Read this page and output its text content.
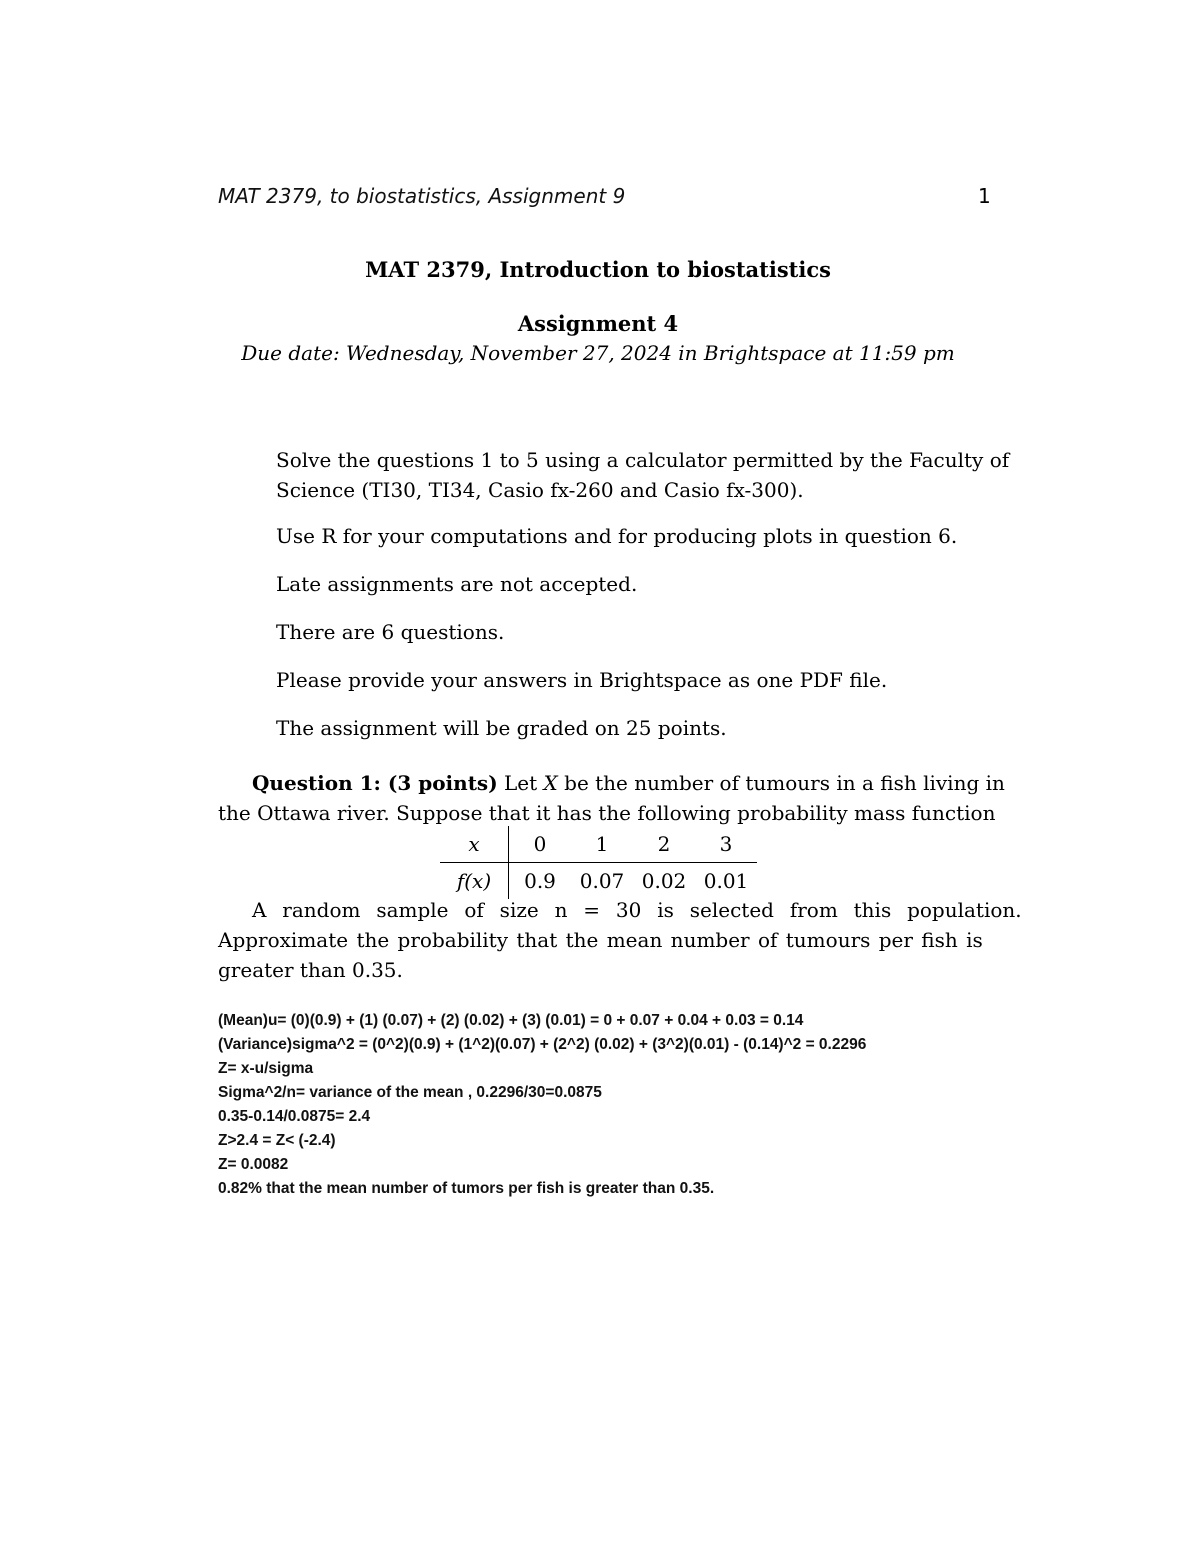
MAT 2379, to biostatistics, Assignment 9	1
MAT 2379, Introduction to biostatistics
Assignment 4
Due date: Wednesday, November 27, 2024 in Brightspace at 11:59 pm
Solve the questions 1 to 5 using a calculator permitted by the Faculty of
Science (TI30, TI34, Casio fx-260 and Casio fx-300).
Use R for your computations and for producing plots in question 6.
Late assignments are not accepted.
There are 6 questions.
Please provide your answers in Brightspace as one PDF file.
The assignment will be graded on 25 points.
Question 1: (3 points) Let X be the number of tumours in a fish living in
the Ottawa river. Suppose that it has the following probability mass function
x	0	1	2	3
f(x)	0.9	0.07	0.02	0.01
A random sample of size n = 30 is selected from this population.
Approximate the probability that the mean number of tumours per fish is
greater than 0.35.
(Mean)u= (0)(0.9) + (1) (0.07) + (2) (0.02) + (3) (0.01) = 0 + 0.07 + 0.04 + 0.03 = 0.14
(Variance)sigma^2 = (0^2)(0.9) + (1^2)(0.07) + (2^2) (0.02) + (3^2)(0.01) - (0.14)^2 = 0.2296
Z= x-u/sigma
Sigma^2/n= variance of the mean , 0.2296/30=0.0875
0.35-0.14/0.0875= 2.4
Z>2.4 = Z< (-2.4)
Z= 0.0082
0.82% that the mean number of tumors per fish is greater than 0.35.
